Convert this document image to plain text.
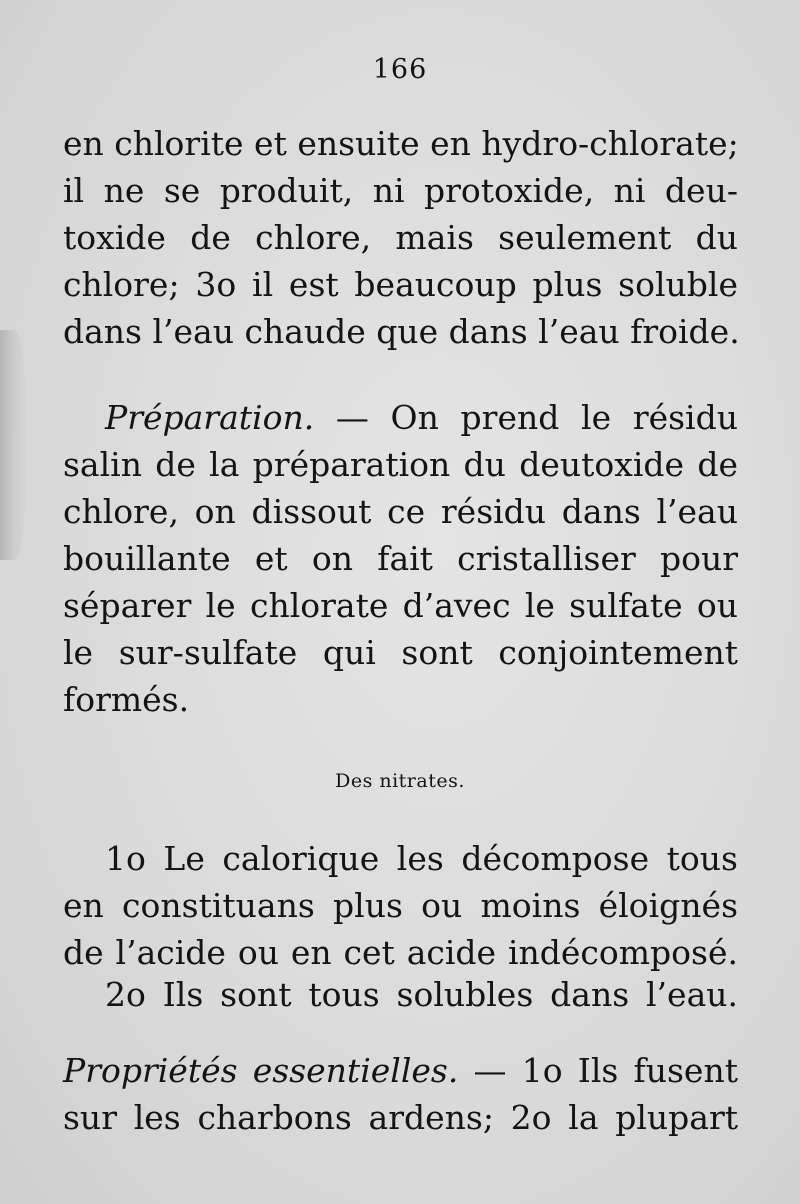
166
en chlorite et ensuite en hydro-chlorate;
il ne se produit, ni protoxide, ni deu-
toxide de chlore, mais seulement du
chlore; 3o il est beaucoup plus soluble
dans l’eau chaude que dans l’eau froide.
Préparation. — On prend le résidu
salin de la préparation du deutoxide de
chlore, on dissout ce résidu dans l’eau
bouillante et on fait cristalliser pour
séparer le chlorate d’avec le sulfate ou
le sur-sulfate qui sont conjointement
formés.
Des nitrates.
1o Le calorique les décompose tous
en constituans plus ou moins éloignés
de l’acide ou en cet acide indécomposé.
2o Ils sont tous solubles dans l’eau.
Propriétés essentielles. — 1o Ils fusent
sur les charbons ardens; 2o la plupart
